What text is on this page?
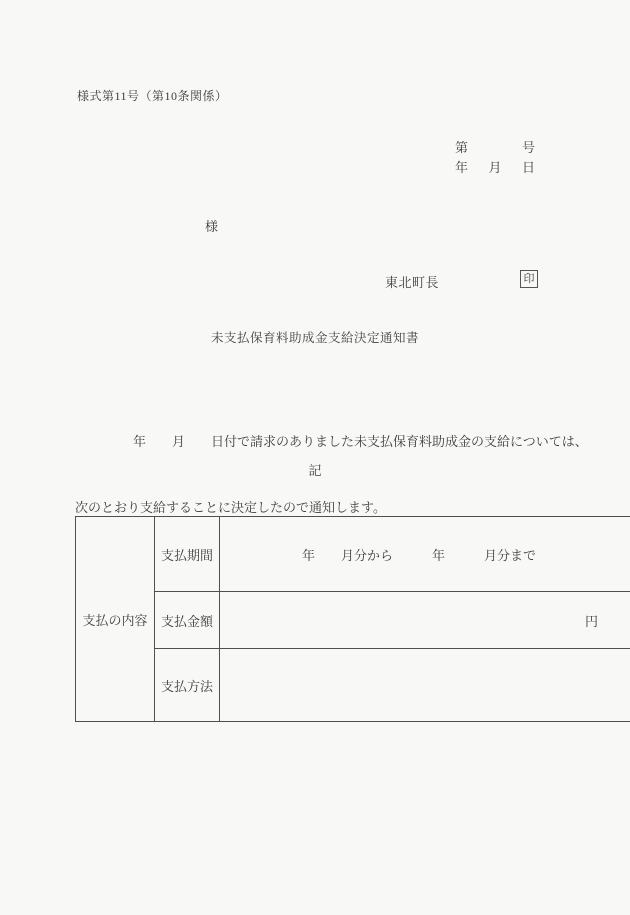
様式第11号（第10条関係）
第	号
年 月 日
様
東北町長	印
未支払保育料助成金支給決定通知書

年　　月　　日付で請求のありました未支払保育料助成金の支給については、

次のとおり支給することに決定したので通知します。

記
支払の内容	支払期間	年　　月分から　　　年　　　月分まで
	支払金額	円
	支払方法	
